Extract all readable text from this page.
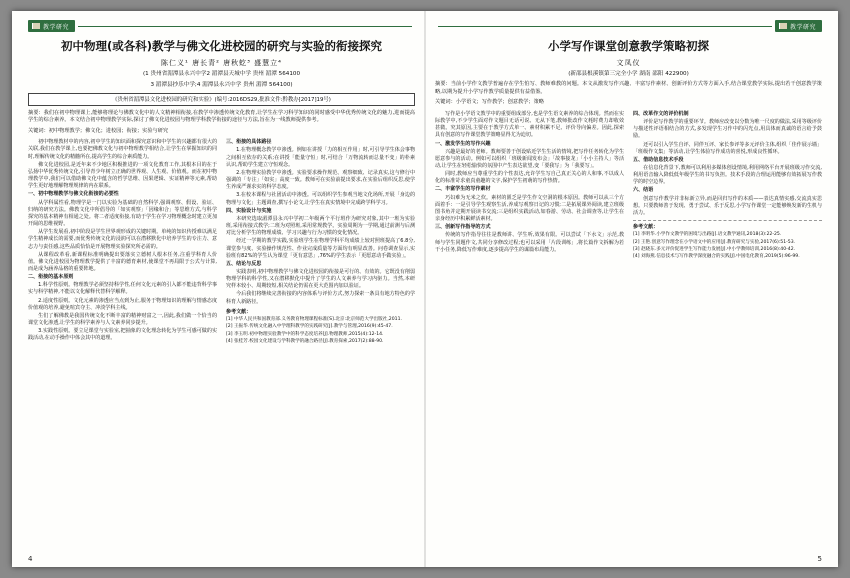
教学研究
初中物理(或各科)教学与佛文化进校园的研究与实验的衔接探究
陈仁义¹ 唐长青² 唐秋虼³ 盛慧立⁴
(1 贵州省湄潭县永兴中学2 湄潭县天城中学 贵州 湄潭 564100
3 湄潭县抄乐中学;4 湄潭县永兴中学 贵州 湄潭 564100)
《贵州省湄潭县文化进校园的研究和实验》(编号:2016DS29,批准文件:黔教办[2017]19号)
摘要：我们在初中物理课上,能够将理论与佛教文化中的人文精神相衔接,在教学中渗透传统文化教育,让学生在学习科学知识的同时感受中华优秀传统文化的魅力,进而提高学生的综合素养。本文结合初中物理教学实际,探讨了佛文化进校园与物理学科教学衔接的途径与方法,旨在为一线教师提供参考。
关键词：初中物理教学；佛文化；进校园；衔接；实验与研究

初中物理教材中的内容,初中学生的知识面和探究意识和中学生的兴趣都有很大的关联,我们在教学课上,也要把佛教文化与初中物理教学相结合,让学生在掌握知识的同时,理解传统文化的精髓所在,提高学生的综合素质能力。

佛文化进校园,是近年来不少地区积极推进的一项文化教育工作,其根本目的在于弘扬中华优秀传统文化,引导青少年树立正确的世界观、人生观、价值观。而在初中物理教学中,我们可以借助佛文化中蕴含的哲学思维、因果逻辑、实证精神等元素,帮助学生更好地理解物理规律的内在联系。

一、初中物理教学与佛文化衔接的必要性

从学科属性看,物理学是一门以实验为基础的自然科学,强调观察、假设、验证、归纳的研究方法。佛教文化中所倡导的「如实观察」「因缘和合」等思维方式,与科学探究的基本精神有相通之处。将二者适度衔接,有助于学生在学习物理概念时建立更加开阔的思维视野。

从学生发展看,初中阶段是学生世界观形成的关键时期。单纯的知识传授难以满足学生精神成长的需要,而优秀传统文化的浸润可以在潜移默化中培养学生的专注力、意志力与责任感,这些品质恰恰是开展物理实验探究所必需的。

从课程改革看,新课程标准明确提出要落实立德树人根本任务,注重学科育人价值。佛文化进校园为物理教学提供了丰富的德育素材,使课堂不再局限于公式与计算,而是成为涵养品格的重要阵地。

二、衔接的基本原则

1.科学性原则。物理教学必须坚持科学性,任何文化元素的引入都不能违背科学事实与科学精神,不能以文化解释代替科学解释。

2.适度性原则。文化元素的渗透应当点到为止,服务于物理知识的理解与情感态度价值观的培养,避免喧宾夺主、冲淡学科主线。

生们了解佛教是我国传统文化不断丰富的精神财富之一,因此,我们做一个恰当的课堂文化渗透,让学生的科学素养与人文素养同步提升。

3.实践性原则。要立足课堂与实验室,把抽象的文化理念转化为学生可感可做的实践活动,在动手操作中体会其中的道理。

三、衔接的具体路径

1.在物理概念教学中渗透。例如在讲授「力的相互作用」时,可引导学生体会事物之间相互依存的关系;在讲授「能量守恒」时,可结合「万物流转而总量不变」的朴素认识,帮助学生建立守恒观念。

2.在物理实验教学中渗透。实验要求操作规范、观察细致、记录真实,这与修行中强调的「专注」「如实」高度一致。教师可在实验前提出要求,在实验后组织反思,使学生养成严谨求实的科学态度。

3.在校本课程与社团活动中渗透。可以组织学生参观当地文化场所,开展「身边的物理与文化」主题调查,撰写小论文,让学生在真实情境中完成跨学科学习。

四、实验设计与实施

本研究选取湄潭县永兴中学初二年级两个平行班作为研究对象,其中一班为实验班,采用衔接式教学;二班为对照班,采用常规教学。实验周期为一学期,通过前测与后测对比分析学生的物理成绩、学习兴趣与行为习惯的变化情况。

经过一学期的教学实践,实验班学生在物理学科平均成绩上较对照班提高了6.8分,课堂参与度、实验操作规范性、作业完成质量等方面均有明显改善。问卷调查显示,实验班有82%的学生认为课堂「更有意思」,76%的学生表示「更愿意动手做实验」。

五、结论与反思

实践表明,初中物理教学与佛文化进校园的衔接是可行的、有效的。它既没有削弱物理学科的科学性,又在潜移默化中提升了学生的人文素养与学习内驱力。当然,本研究样本较小、周期较短,相关结论仍需在更大范围内加以验证。

今后我们将继续完善衔接的内容体系与评价方式,努力探索一条具有地方特色的学科育人新路径。

参考文献：

[1] 中华人民共和国教育部.义务教育物理课程标准[S].北京:北京师范大学出版社,2011.

[2] 王振华.传统文化融入中学理科教学的实践研究[J].教学与管理,2016(9):45-47.

[3] 李玉明.初中物理实验教学中的科学态度培养[J].物理教师,2015(4):12-14.

[4] 张桂芳.校园文化建设与学科教学的融合路径[J].教育探索,2017(2):88-90.

4
教学研究
小学写作课堂创意教学策略初探
文凤仪
(新邵县根溪镇第三完全小学 湖南 邵阳 422900)
摘要：当前小学作文教学普遍存在学生怕写、教师难教的问题。本文从激发写作兴趣、丰富写作素材、创新评价方式等方面入手,结合课堂教学实际,提出若干创意教学策略,以期为提升小学写作教学质量提供有益借鉴。
关键词：小学语文；写作教学；创意教学；策略

写作是小学语文教学中的重要组成部分,也是学生语文素养的综合体现。然而在实际教学中,不少学生面对作文题目无话可说、无从下笔,教师批改作文耗时费力却收效甚微。究其原因,主要在于教学方式单一、素材积累不足、评价导向偏差。因此,探索具有创意的写作课堂教学策略显得尤为迫切。

一、激发学生的写作兴趣

兴趣是最好的老师。教师要善于创设贴近学生生活的情境,把写作任务转化为学生愿意参与的活动。例如可以组织「班级新闻发布会」「故事接龙」「小小主持人」等活动,让学生在轻松愉快的氛围中产生表达欲望,变「要我写」为「我要写」。

同时,教师应当尊重学生的个性表达,允许学生写自己真正关心的人和事,不以成人化的标准苛求童真童趣的文字,保护学生初萌的写作热情。

二、丰富学生的写作素材

巧妇难为无米之炊。素材的匮乏是学生作文空洞的根本原因。教师可以从三个方面着手：一是引导学生观察生活,养成写观察日记的习惯;二是拓展课外阅读,建立班级图书角并定期开展读书交流;三是组织实践活动,如春游、劳动、社会调查等,让学生在亲身经历中积累鲜活素材。

三、创新写作指导的方式

传统的写作指导往往是教师讲、学生听,效果有限。可以尝试「下水文」示范,教师与学生同题作文,共同分享修改过程;也可以采用「片段训练」,将长篇作文拆解为若干小任务,降低写作难度,逐步提高学生的谋篇布局能力。

四、改革作文的评价机制

评价是写作教学的重要环节。教师应改变以分数为唯一尺度的做法,采用等级评价与描述性评语相结合的方式,多发现学生习作中的闪光点,用具体而真诚的语言给予鼓励。

还可以引入学生自评、同伴互评、家长参评等多元评价主体,组织「佳作展示墙」「班级作文集」等活动,让学生体验写作成功的喜悦,形成良性循环。

五、借助信息技术手段

在信息化背景下,教师可以利用多媒体创设情境,利用网络平台开展班级习作交流,利用语音输入降低低年级学生的书写负担。技术手段的合理运用能够有效拓展写作教学的时空边界。

六、结语

创意写作教学并非标新立异,而是回归写作的本质——表达真情实感,交流真实思想。只要教师善于发现、勇于尝试、乐于反思,小学写作课堂一定能够焕发新的生机与活力。

参考文献：

[1] 李明华.小学作文教学的困境与出路[J].语文教学通讯,2018(3):22-25.

[2] 王艳.创意写作理念在小学语文中的应用[J].教育研究与实验,2017(6):51-53.

[3] 赵晓东.多元评价促进学生写作能力发展[J].中小学教师培训,2016(8):40-42.

[4] 刘海燕.信息技术与写作教学深度融合的实践[J].中国电化教育,2019(5):96-99.

5
